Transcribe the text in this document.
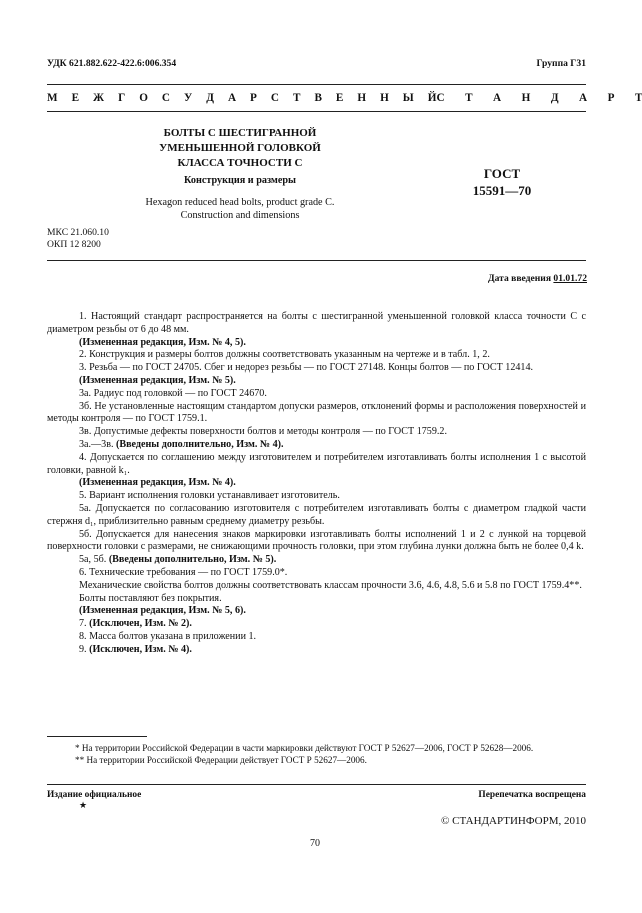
УДК 621.882.622-422.6:006.354	Группа Г31
М Е Ж Г О С У Д А Р С Т В Е Н Н Ы Й С Т А Н Д А Р Т
БОЛТЫ С ШЕСТИГРАННОЙ
УМЕНЬШЕННОЙ ГОЛОВКОЙ
КЛАССА ТОЧНОСТИ С
Конструкция и размеры
Hexagon reduced head bolts, product grade C.
Construction and dimensions
ГОСТ
15591—70
МКС 21.060.10
ОКП 12 8200
Дата введения 01.01.72

1. Настоящий стандарт распространяется на болты с шестигранной уменьшенной головкой класса точности С с диаметром резьбы от 6 до 48 мм.

(Измененная редакция, Изм. № 4, 5).

2. Конструкция и размеры болтов должны соответствовать указанным на чертеже и в табл. 1, 2.

3. Резьба — по ГОСТ 24705. Сбег и недорез резьбы — по ГОСТ 27148. Концы болтов — по ГОСТ 12414.

(Измененная редакция, Изм. № 5).

3а. Радиус под головкой — по ГОСТ 24670.

3б. Не установленные настоящим стандартом допуски размеров, отклонений формы и расположения поверхностей и методы контроля — по ГОСТ 1759.1.

3в. Допустимые дефекты поверхности болтов и методы контроля — по ГОСТ 1759.2.

3а.—3в. (Введены дополнительно, Изм. № 4).

4. Допускается по соглашению между изготовителем и потребителем изготавливать болты исполнения 1 с высотой головки, равной k₁.

(Измененная редакция, Изм. № 4).

5. Вариант исполнения головки устанавливает изготовитель.

5а. Допускается по согласованию изготовителя с потребителем изготавливать болты с диаметром гладкой части стержня d₁, приблизительно равным среднему диаметру резьбы.

5б. Допускается для нанесения знаков маркировки изготавливать болты исполнений 1 и 2 с лункой на торцевой поверхности головки с размерами, не снижающими прочность головки, при этом глубина лунки должна быть не более 0,4 k.

5а, 5б. (Введены дополнительно, Изм. № 5).

6. Технические требования — по ГОСТ 1759.0*.

Механические свойства болтов должны соответствовать классам прочности 3.6, 4.6, 4.8, 5.6 и 5.8 по ГОСТ 1759.4**.

Болты поставляют без покрытия.

(Измененная редакция, Изм. № 5, 6).

7. (Исключен, Изм. № 2).

8. Масса болтов указана в приложении 1.

9. (Исключен, Изм. № 4).

* На территории Российской Федерации в части маркировки действуют ГОСТ Р 52627—2006, ГОСТ Р 52628—2006.

** На территории Российской Федерации действует ГОСТ Р 52627—2006.

Издание официальное	Перепечатка воспрещена
★
© СТАНДАРТИНФОРМ, 2010
70
